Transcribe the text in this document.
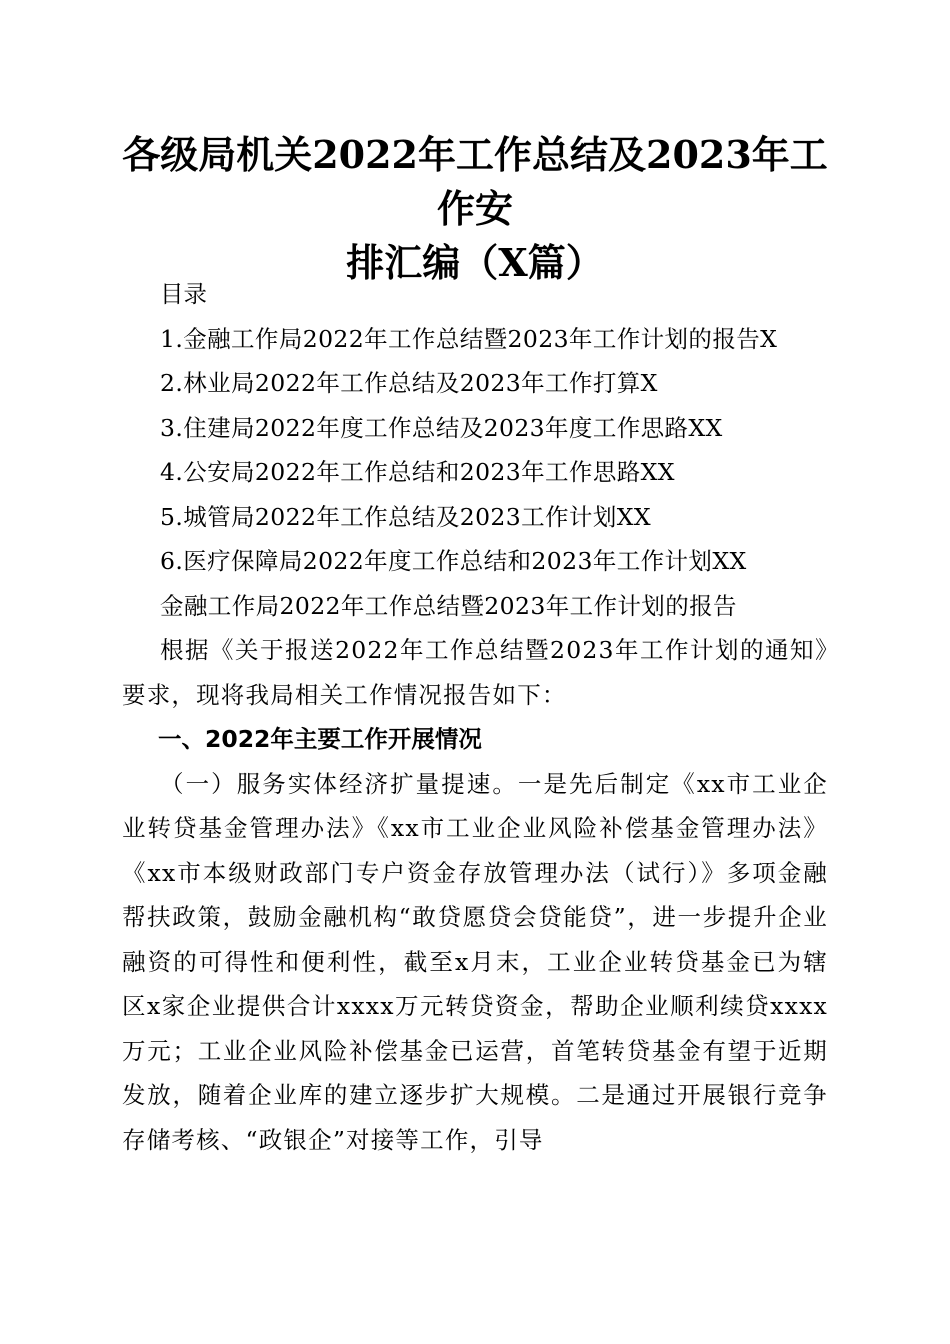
各级局机关2022年工作总结及2023年工作安
排汇编（X篇）

目录

1.金融工作局2022年工作总结暨2023年工作计划的报告X

2.林业局2022年工作总结及2023年工作打算X

3.住建局2022年度工作总结及2023年度工作思路XX

4.公安局2022年工作总结和2023年工作思路XX

5.城管局2022年工作总结及2023工作计划XX

6.医疗保障局2022年度工作总结和2023年工作计划XX

金融工作局2022年工作总结暨2023年工作计划的报告

根据《关于报送2022年工作总结暨2023年工作计划的通知》要求，现将我局相关工作情况报告如下：

一、2022年主要工作开展情况

（一）服务实体经济扩量提速。一是先后制定《xx市工业企业转贷基金管理办法》《xx市工业企业风险补偿基金管理办法》《xx市本级财政部门专户资金存放管理办法（试行）》多项金融帮扶政策，鼓励金融机构“敢贷愿贷会贷能贷”，进一步提升企业融资的可得性和便利性，截至x月末，工业企业转贷基金已为辖区x家企业提供合计xxxx万元转贷资金，帮助企业顺利续贷xxxx万元；工业企业风险补偿基金已运营，首笔转贷基金有望于近期发放，随着企业库的建立逐步扩大规模。二是通过开展银行竞争存储考核、“政银企”对接等工作，引导
